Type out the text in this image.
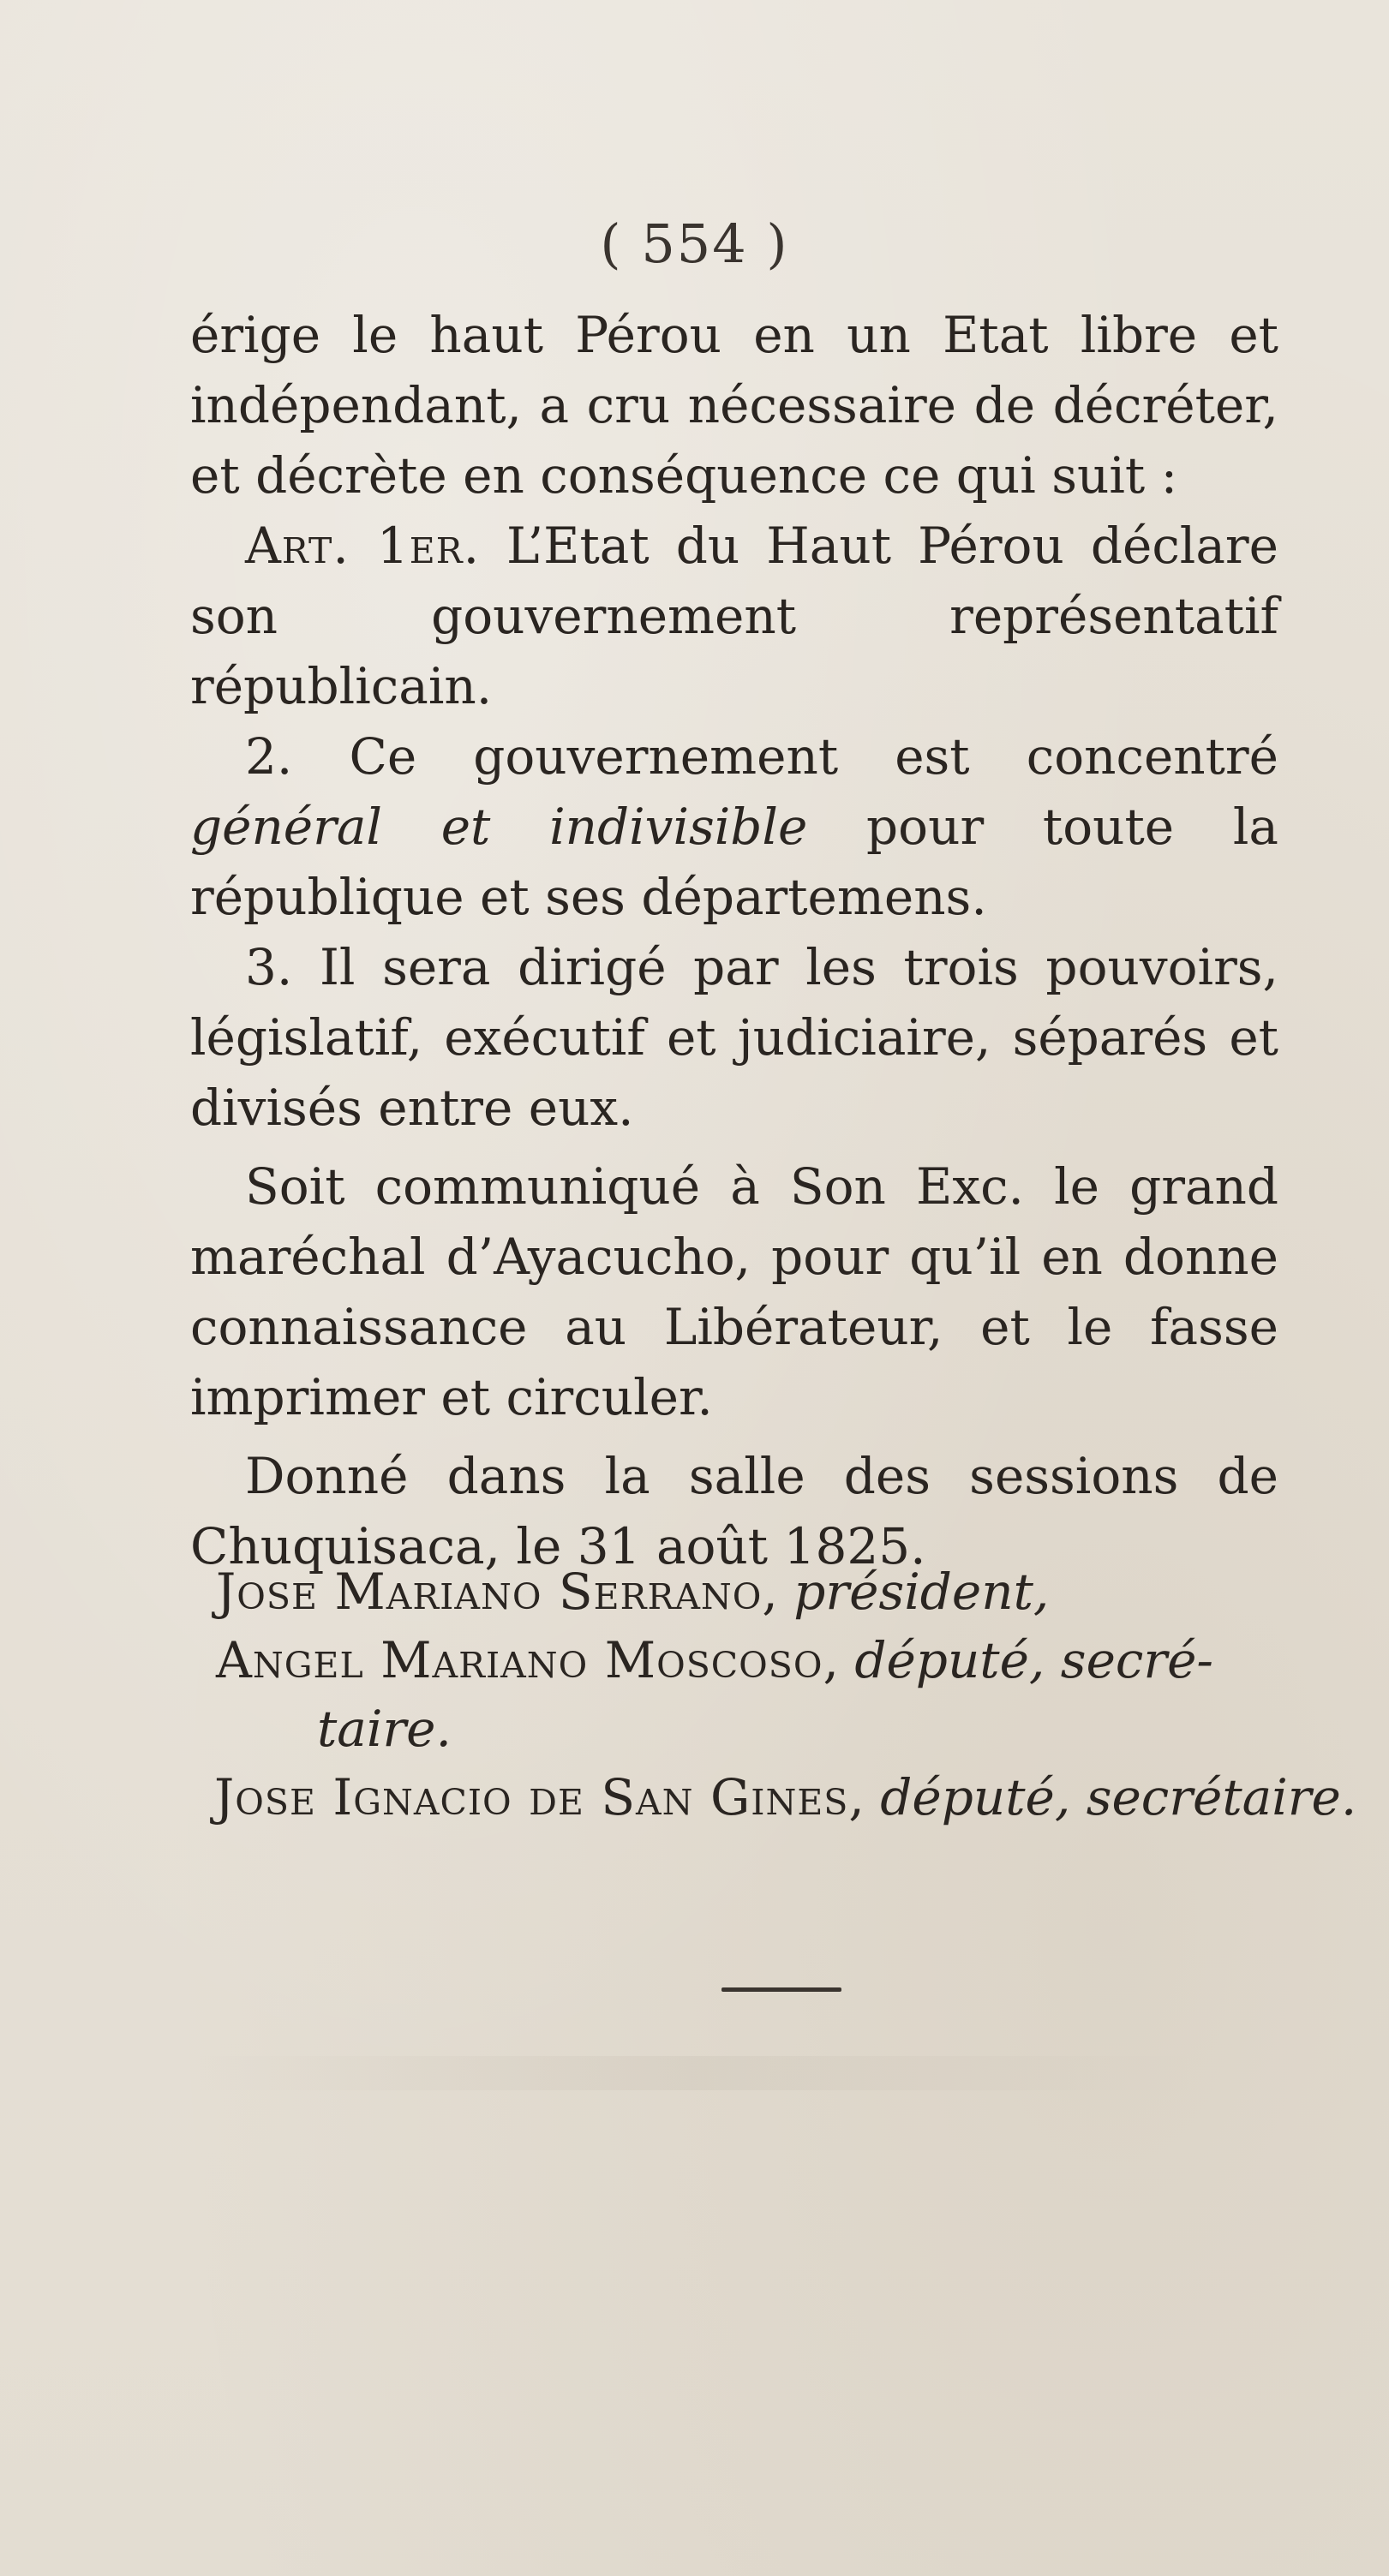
( 554 )

érige le haut Pérou en un Etat libre et indépendant, a cru nécessaire de décréter, et décrète en conséquence ce qui suit :

Art. 1er. L’Etat du Haut Pérou déclare son gouvernement représentatif républicain.

2. Ce gouvernement est concentré général et indivisible pour toute la république et ses départemens.

3. Il sera dirigé par les trois pouvoirs, législatif, exécutif et judiciaire, séparés et divisés entre eux.

Soit communiqué à Son Exc. le grand maréchal d’Ayacucho, pour qu’il en donne connaissance au Libérateur, et le fasse imprimer et circuler.

Donné dans la salle des sessions de Chuquisaca, le 31 août 1825.

Jose Mariano Serrano, président,
Angel Mariano Moscoso, député, secré-
taire.
Jose Ignacio de San Gines, député, secrétaire.
